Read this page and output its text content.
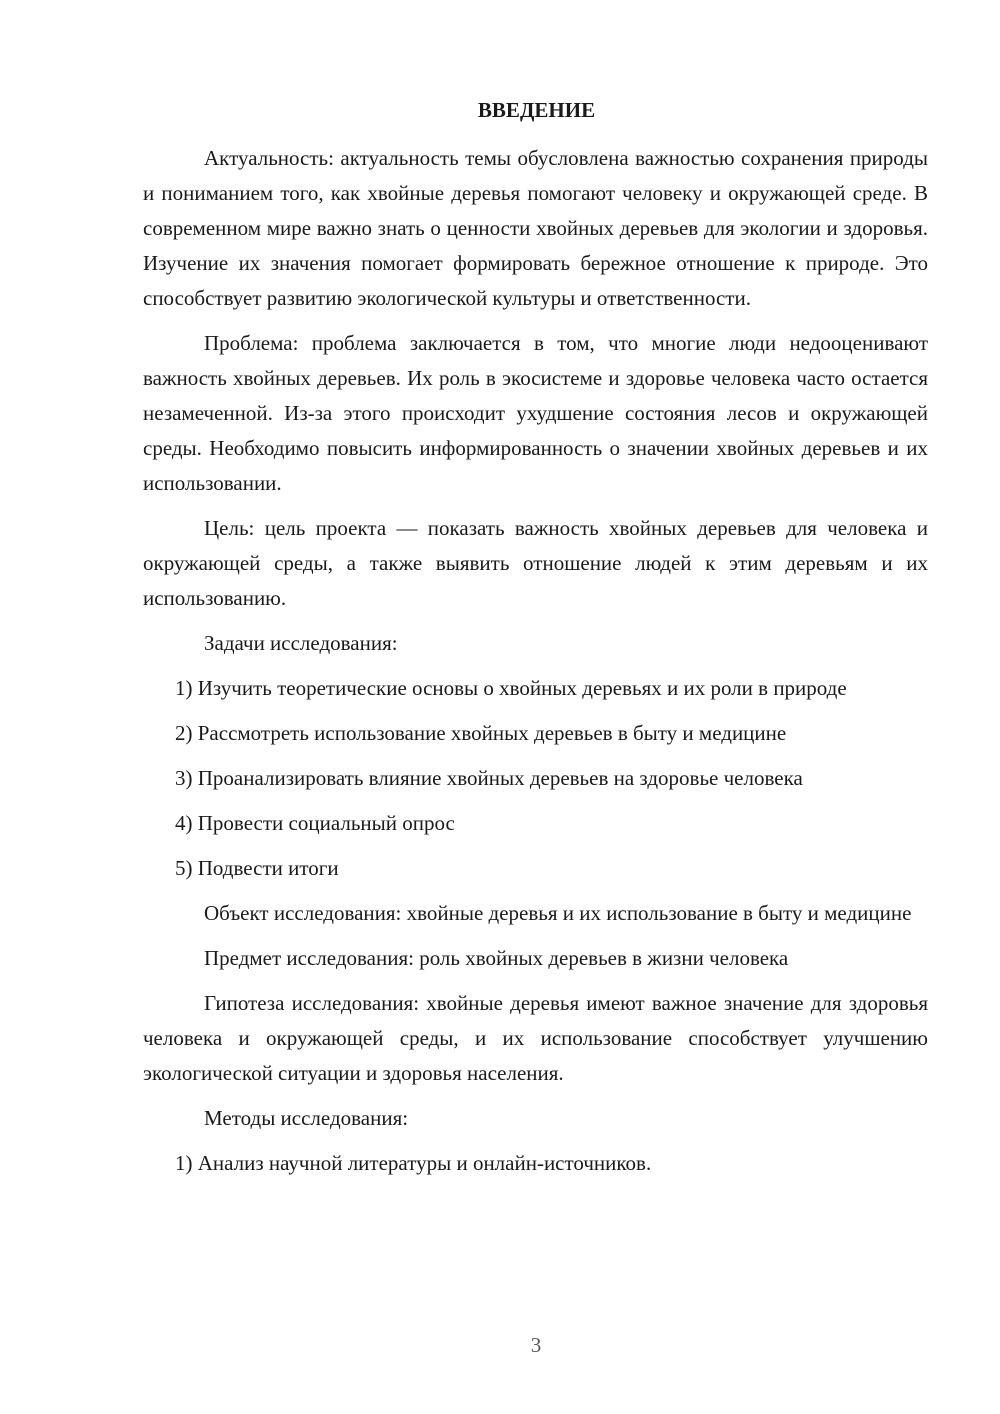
ВВЕДЕНИЕ

Актуальность: актуальность темы обусловлена важностью сохранения природы и пониманием того, как хвойные деревья помогают человеку и окружающей среде. В современном мире важно знать о ценности хвойных деревьев для экологии и здоровья. Изучение их значения помогает формировать бережное отношение к природе. Это способствует развитию экологической культуры и ответственности.

Проблема: проблема заключается в том, что многие люди недооценивают важность хвойных деревьев. Их роль в экосистеме и здоровье человека часто остается незамеченной. Из-за этого происходит ухудшение состояния лесов и окружающей среды. Необходимо повысить информированность о значении хвойных деревьев и их использовании.

Цель: цель проекта — показать важность хвойных деревьев для человека и окружающей среды, а также выявить отношение людей к этим деревьям и их использованию.

Задачи исследования:

1) Изучить теоретические основы о хвойных деревьях и их роли в природе

2) Рассмотреть использование хвойных деревьев в быту и медицине

3) Проанализировать влияние хвойных деревьев на здоровье человека

4) Провести социальный опрос

5) Подвести итоги

Объект исследования: хвойные деревья и их использование в быту и медицине

Предмет исследования: роль хвойных деревьев в жизни человека

Гипотеза исследования: хвойные деревья имеют важное значение для здоровья человека и окружающей среды, и их использование способствует улучшению экологической ситуации и здоровья населения.

Методы исследования:

1) Анализ научной литературы и онлайн-источников.

3
